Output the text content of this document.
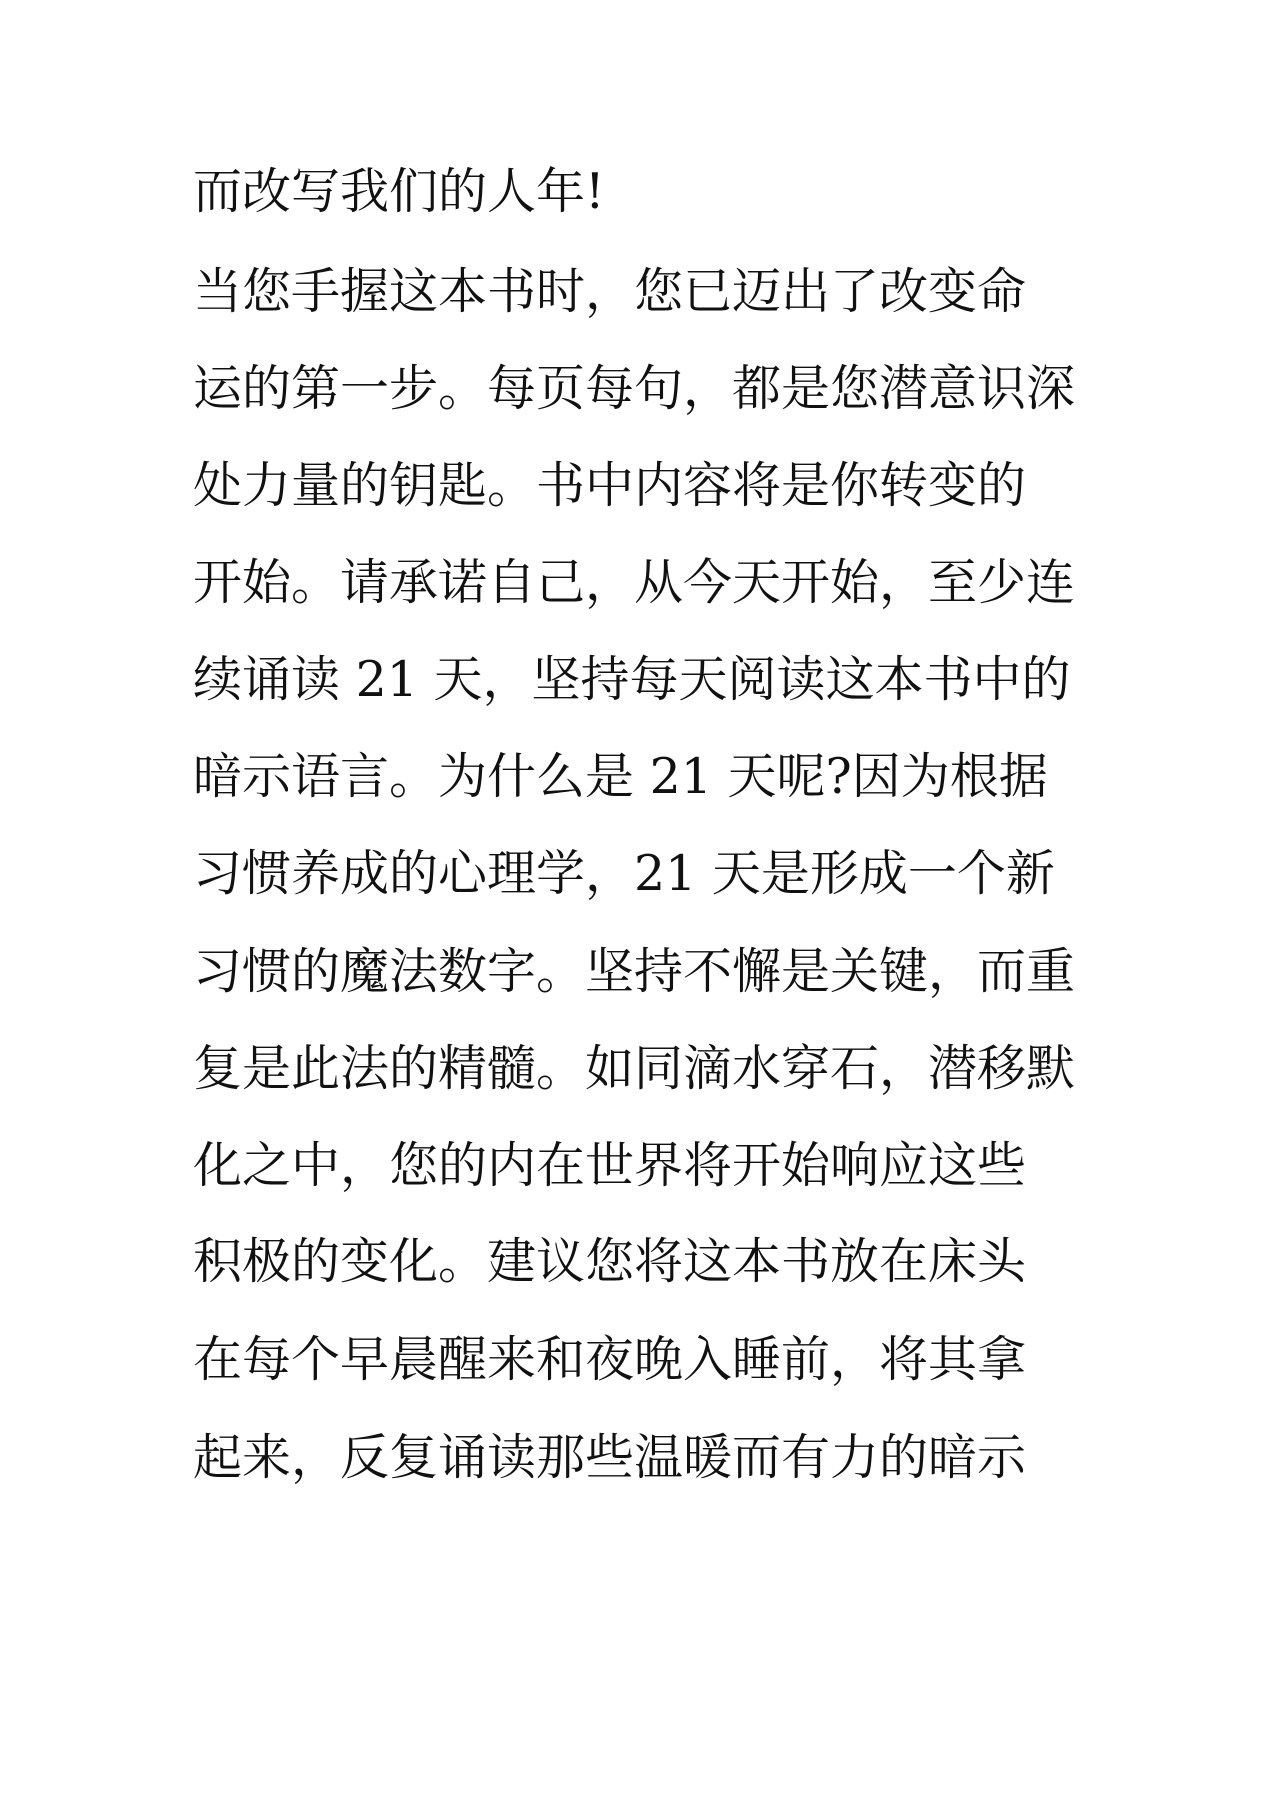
而改写我们的人年!
当您手握这本书时，您已迈出了改变命
运的第一步。每页每句，都是您潜意识深
处力量的钥匙。书中内容将是你转变的
开始。请承诺自己，从今天开始，至少连
续诵读 21 天，坚持每天阅读这本书中的
暗示语言。为什么是 21 天呢?因为根据
习惯养成的心理学，21 天是形成一个新
习惯的魔法数字。坚持不懈是关键，而重
复是此法的精髓。如同滴水穿石，潜移默
化之中，您的内在世界将开始响应这些
积极的变化。建议您将这本书放在床头
在每个早晨醒来和夜晚入睡前，将其拿
起来，反复诵读那些温暖而有力的暗示
